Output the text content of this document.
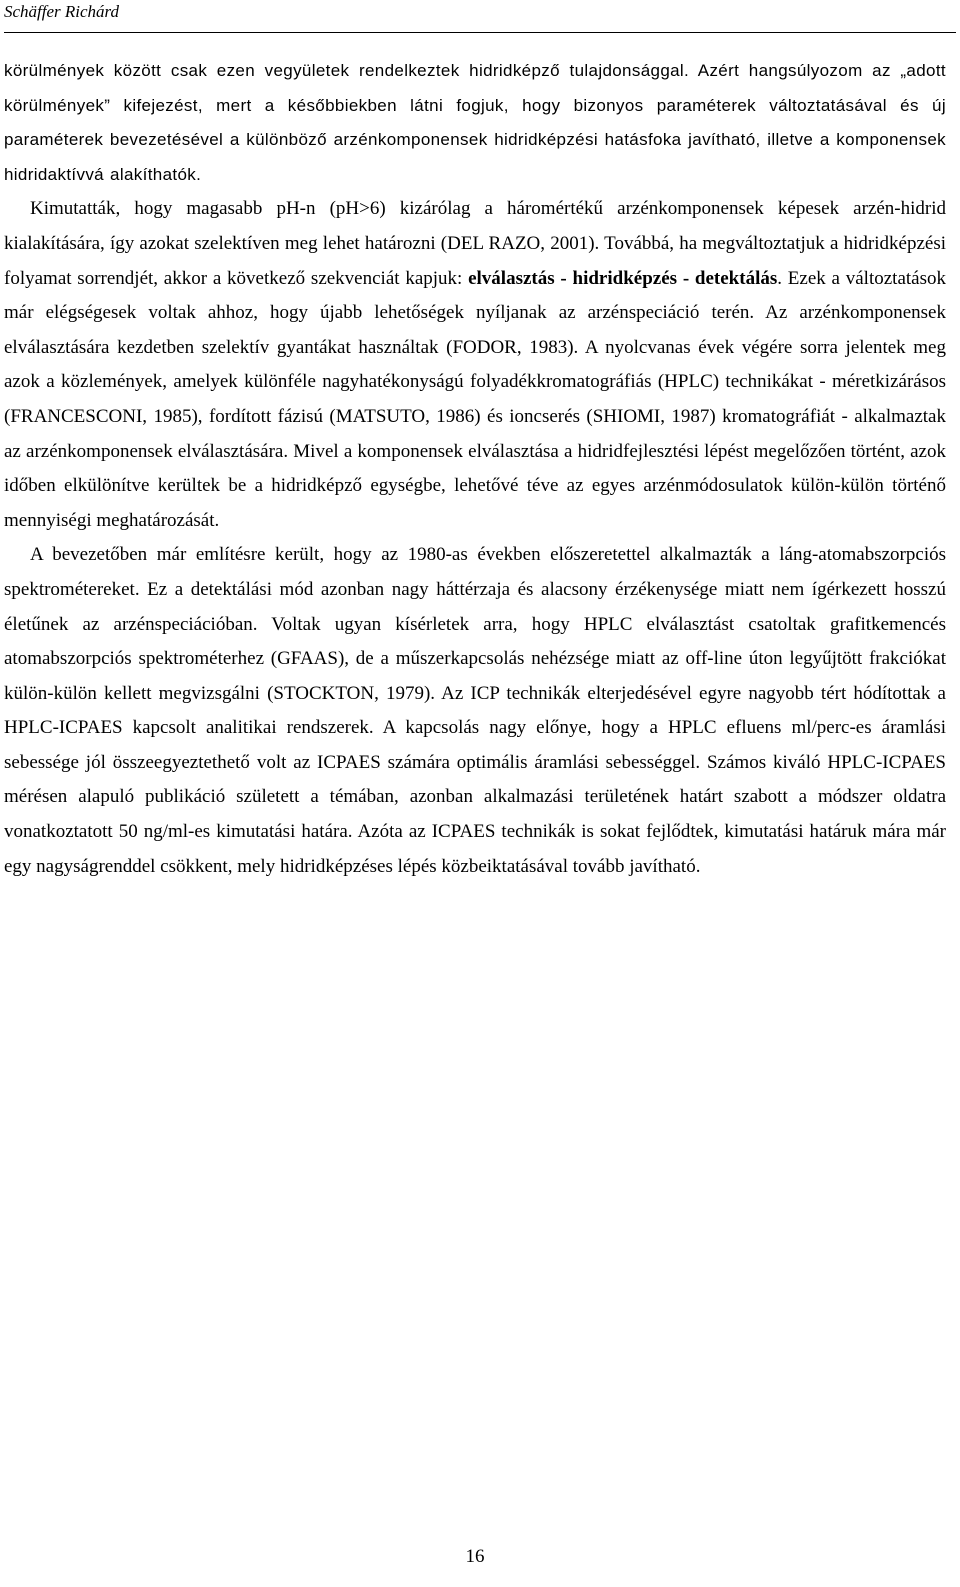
Schäffer Richárd

körülmények között csak ezen vegyületek rendelkeztek hidridképző tulajdonsággal. Azért hangsúlyozom az „adott körülmények” kifejezést, mert a későbbiekben látni fogjuk, hogy bizonyos paraméterek változtatásával és új paraméterek bevezetésével a különböző arzénkomponensek hidridképzési hatásfoka javítható, illetve a komponensek hidridaktívvá alakíthatók.

Kimutatták, hogy magasabb pH-n (pH>6) kizárólag a háromértékű arzénkomponensek képesek arzén-hidrid kialakítására, így azokat szelektíven meg lehet határozni (DEL RAZO, 2001). Továbbá, ha megváltoztatjuk a hidridképzési folyamat sorrendjét, akkor a következő szekvenciát kapjuk: elválasztás - hidridképzés - detektálás. Ezek a változtatások már elégségesek voltak ahhoz, hogy újabb lehetőségek nyíljanak az arzénspeciáció terén. Az arzénkomponensek elválasztására kezdetben szelektív gyantákat használtak (FODOR, 1983). A nyolcvanas évek végére sorra jelentek meg azok a közlemények, amelyek különféle nagyhatékonyságú folyadékkromatográfiás (HPLC) technikákat - méretkizárásos (FRANCESCONI, 1985), fordított fázisú (MATSUTO, 1986) és ioncserés (SHIOMI, 1987) kromatográfiát - alkalmaztak az arzénkomponensek elválasztására. Mivel a komponensek elválasztása a hidridfejlesztési lépést megelőzően történt, azok időben elkülönítve kerültek be a hidridképző egységbe, lehetővé téve az egyes arzénmódosulatok külön-külön történő mennyiségi meghatározását.

A bevezetőben már említésre került, hogy az 1980-as években előszeretettel alkalmazták a láng-atomabszorpciós spektrométereket. Ez a detektálási mód azonban nagy háttérzaja és alacsony érzékenysége miatt nem ígérkezett hosszú életűnek az arzénspeciációban. Voltak ugyan kísérletek arra, hogy HPLC elválasztást csatoltak grafitkemencés atomabszorpciós spektrométerhez (GFAAS), de a műszerkapcsolás nehézsége miatt az off-line úton legyűjtött frakciókat külön-külön kellett megvizsgálni (STOCKTON, 1979). Az ICP technikák elterjedésével egyre nagyobb tért hódítottak a HPLC-ICPAES kapcsolt analitikai rendszerek. A kapcsolás nagy előnye, hogy a HPLC efluens ml/perc-es áramlási sebessége jól összeegyeztethető volt az ICPAES számára optimális áramlási sebességgel. Számos kiváló HPLC-ICPAES mérésen alapuló publikáció született a témában, azonban alkalmazási területének határt szabott a módszer oldatra vonatkoztatott 50 ng/ml-es kimutatási határa. Azóta az ICPAES technikák is sokat fejlődtek, kimutatási határuk mára már egy nagyságrenddel csökkent, mely hidridképzéses lépés közbeiktatásával tovább javítható.

16
